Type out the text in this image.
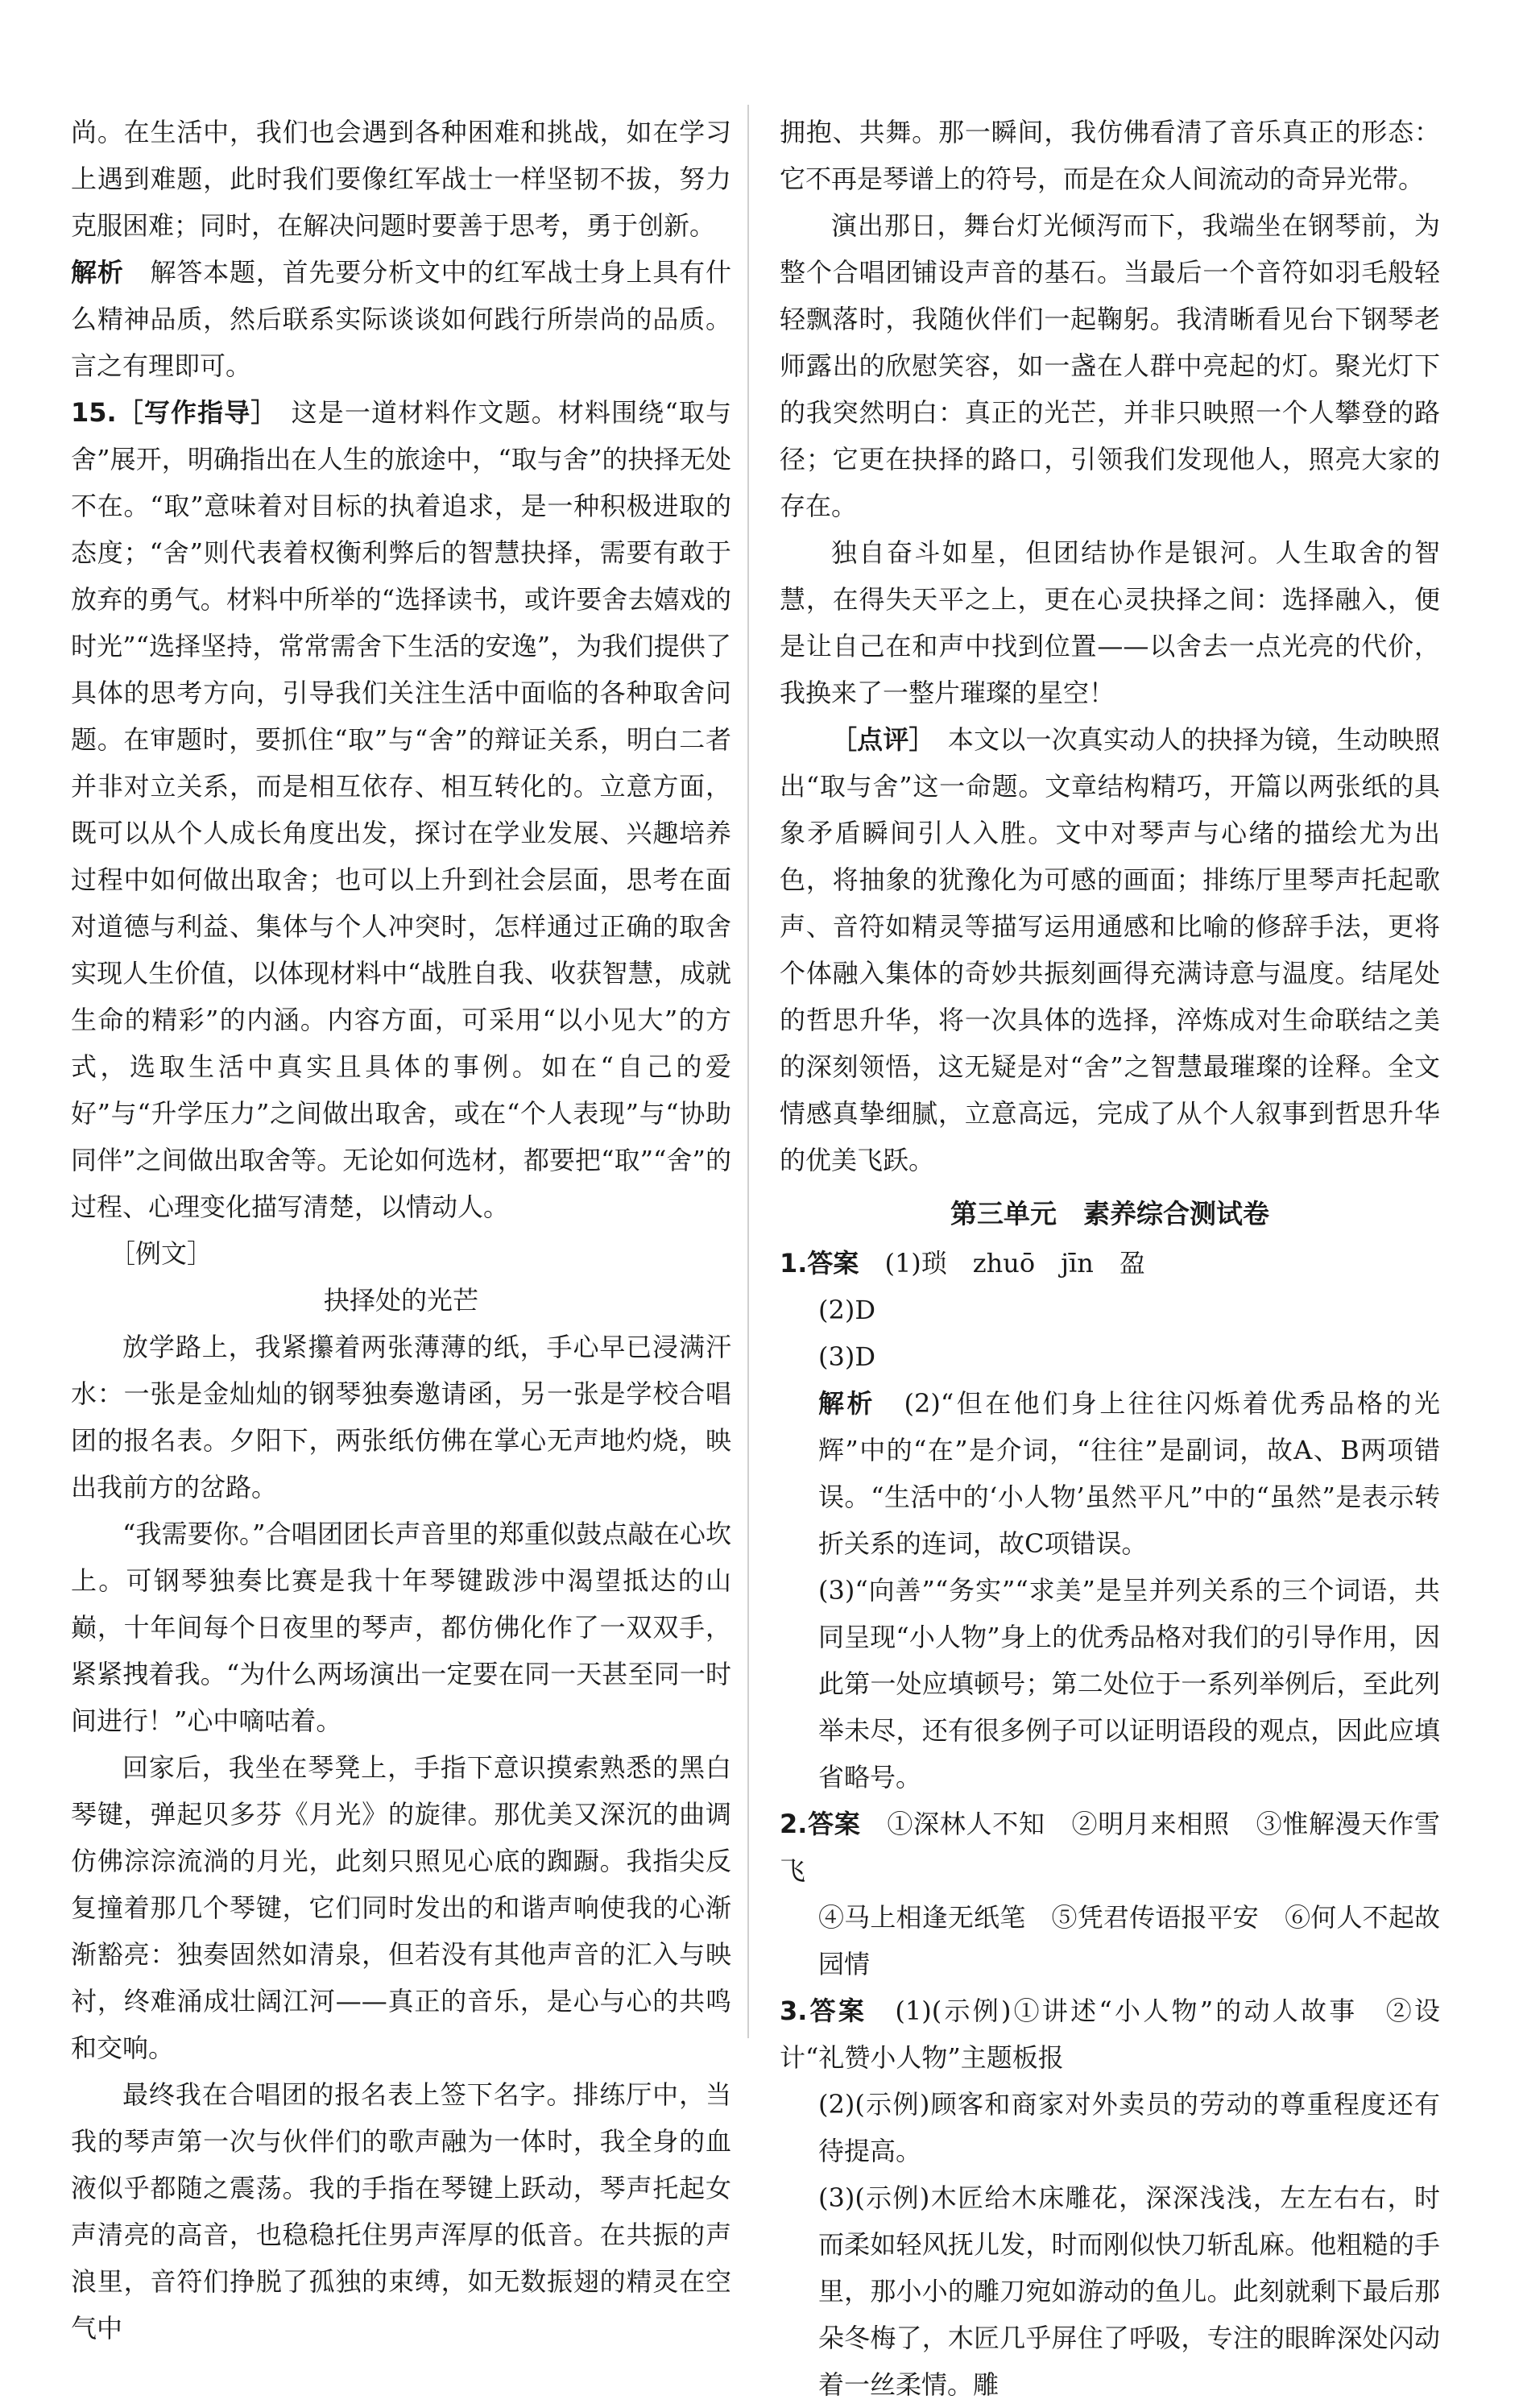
尚。在生活中，我们也会遇到各种困难和挑战，如在学习上遇到难题，此时我们要像红军战士一样坚韧不拔，努力克服困难；同时，在解决问题时要善于思考，勇于创新。

解析　 解答本题，首先要分析文中的红军战士身上具有什么精神品质，然后联系实际谈谈如何践行所崇尚的品质。言之有理即可。

15.［写作指导］　 这是一道材料作文题。材料围绕“取与舍”展开，明确指出在人生的旅途中，“取与舍”的抉择无处不在。“取”意味着对目标的执着追求，是一种积极进取的态度；“舍”则代表着权衡利弊后的智慧抉择，需要有敢于放弃的勇气。材料中所举的“选择读书，或许要舍去嬉戏的时光”“选择坚持，常常需舍下生活的安逸”，为我们提供了具体的思考方向，引导我们关注生活中面临的各种取舍问题。在审题时，要抓住“取”与“舍”的辩证关系，明白二者并非对立关系，而是相互依存、相互转化的。立意方面，既可以从个人成长角度出发，探讨在学业发展、兴趣培养过程中如何做出取舍；也可以上升到社会层面，思考在面对道德与利益、集体与个人冲突时，怎样通过正确的取舍实现人生价值，以体现材料中“战胜自我、收获智慧，成就生命的精彩”的内涵。内容方面，可采用“以小见大”的方式，选取生活中真实且具体的事例。如在“自己的爱好”与“升学压力”之间做出取舍，或在“个人表现”与“协助同伴”之间做出取舍等。无论如何选材，都要把“取”“舍”的过程、心理变化描写清楚，以情动人。

［例文］

抉择处的光芒

放学路上，我紧攥着两张薄薄的纸，手心早已浸满汗水：一张是金灿灿的钢琴独奏邀请函，另一张是学校合唱团的报名表。夕阳下，两张纸仿佛在掌心无声地灼烧，映出我前方的岔路。

“我需要你。”合唱团团长声音里的郑重似鼓点敲在心坎上。可钢琴独奏比赛是我十年琴键跋涉中渴望抵达的山巅，十年间每个日夜里的琴声，都仿佛化作了一双双手，紧紧拽着我。“为什么两场演出一定要在同一天甚至同一时间进行！”心中嘀咕着。

回家后，我坐在琴凳上，手指下意识摸索熟悉的黑白琴键，弹起贝多芬《月光》的旋律。那优美又深沉的曲调仿佛淙淙流淌的月光，此刻只照见心底的踟蹰。我指尖反复撞着那几个琴键，它们同时发出的和谐声响使我的心渐渐豁亮：独奏固然如清泉，但若没有其他声音的汇入与映衬，终难涌成壮阔江河——真正的音乐，是心与心的共鸣和交响。

最终我在合唱团的报名表上签下名字。排练厅中，当我的琴声第一次与伙伴们的歌声融为一体时，我全身的血液似乎都随之震荡。我的手指在琴键上跃动，琴声托起女声清亮的高音，也稳稳托住男声浑厚的低音。在共振的声浪里，音符们挣脱了孤独的束缚，如无数振翅的精灵在空气中

拥抱、共舞。那一瞬间，我仿佛看清了音乐真正的形态：它不再是琴谱上的符号，而是在众人间流动的奇异光带。

演出那日，舞台灯光倾泻而下，我端坐在钢琴前，为整个合唱团铺设声音的基石。当最后一个音符如羽毛般轻轻飘落时，我随伙伴们一起鞠躬。我清晰看见台下钢琴老师露出的欣慰笑容，如一盏在人群中亮起的灯。聚光灯下的我突然明白：真正的光芒，并非只映照一个人攀登的路径；它更在抉择的路口，引领我们发现他人，照亮大家的存在。

独自奋斗如星，但团结协作是银河。人生取舍的智慧，在得失天平之上，更在心灵抉择之间：选择融入，便是让自己在和声中找到位置——以舍去一点光亮的代价，我换来了一整片璀璨的星空！

［点评］　 本文以一次真实动人的抉择为镜，生动映照出“取与舍”这一命题。文章结构精巧，开篇以两张纸的具象矛盾瞬间引人入胜。文中对琴声与心绪的描绘尤为出色，将抽象的犹豫化为可感的画面；排练厅里琴声托起歌声、音符如精灵等描写运用通感和比喻的修辞手法，更将个体融入集体的奇妙共振刻画得充满诗意与温度。结尾处的哲思升华，将一次具体的选择，淬炼成对生命联结之美的深刻领悟，这无疑是对“舍”之智慧最璀璨的诠释。全文情感真挚细腻，立意高远，完成了从个人叙事到哲思升华的优美飞跃。

第三单元　素养综合测试卷

1.答案　 (1)琐　zhuō　jīn　盈

(2)D

(3)D

解析　 (2)“但在他们身上往往闪烁着优秀品格的光辉”中的“在”是介词，“往往”是副词，故A、B两项错误。“生活中的‘小人物’虽然平凡”中的“虽然”是表示转折关系的连词，故C项错误。

(3)“向善”“务实”“求美”是呈并列关系的三个词语，共同呈现“小人物”身上的优秀品格对我们的引导作用，因此第一处应填顿号；第二处位于一系列举例后，至此列举未尽，还有很多例子可以证明语段的观点，因此应填省略号。

2.答案　 ①深林人不知　②明月来相照　③惟解漫天作雪飞

④马上相逢无纸笔　⑤凭君传语报平安　⑥何人不起故园情

3.答案　 (1)(示例)①讲述“小人物”的动人故事　②设计“礼赞小人物”主题板报

(2)(示例)顾客和商家对外卖员的劳动的尊重程度还有待提高。

(3)(示例)木匠给木床雕花，深深浅浅，左左右右，时而柔如轻风抚儿发，时而刚似快刀斩乱麻。他粗糙的手里，那小小的雕刀宛如游动的鱼儿。此刻就剩下最后那朵冬梅了，木匠几乎屏住了呼吸，专注的眼眸深处闪动着一丝柔情。雕
